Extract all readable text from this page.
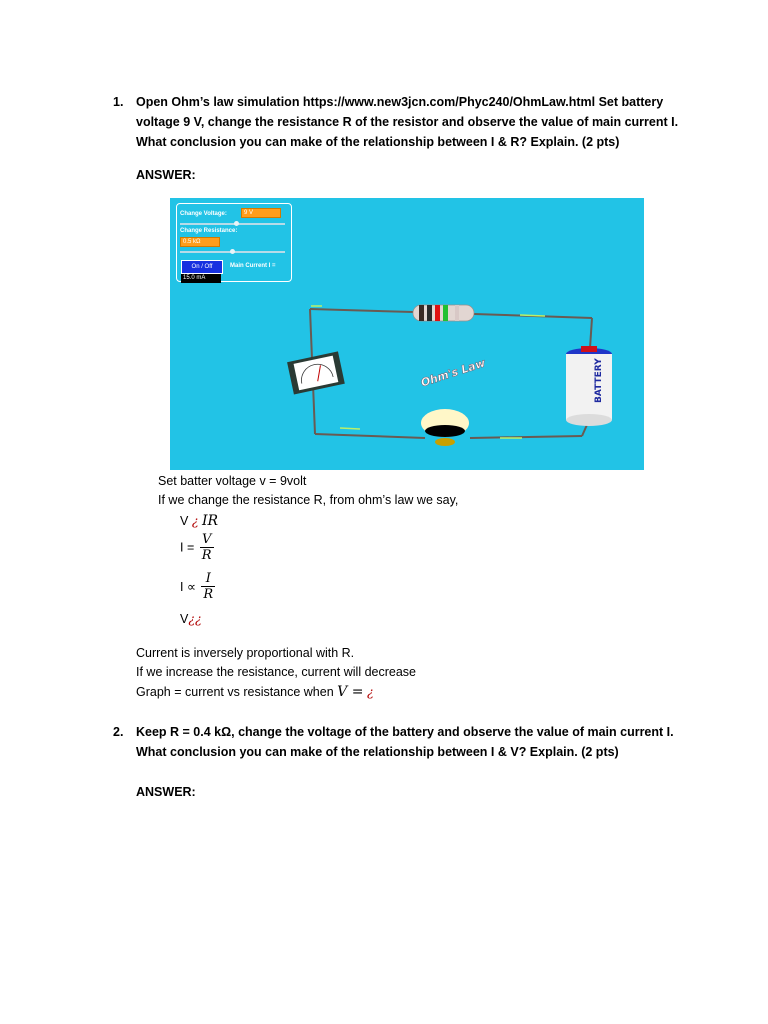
1. Open Ohm’s law simulation https://www.new3jcn.com/Phyc240/OhmLaw.html Set battery
voltage 9 V, change the resistance R of the resistor and observe the value of main current I.
What conclusion you can make of the relationship between I & R? Explain. (2 pts)
ANSWER:
Change Voltage:	9 V
Change Resistance:
0.5 kΩ
On / Off	Main Current I =
15.0 mA
Ohm's Law	BATTERY
Set batter voltage v = 9volt
If we change the resistance R, from ohm’s law we say,
V ¿ IR
$I = \frac{V}{R}$
$I \propto \frac{I}{R}$
V¿¿
Current is inversely proportional with R.
If we increase the resistance, current will decrease
Graph = current vs resistance when V = ¿
2. Keep R = 0.4 kΩ, change the voltage of the battery and observe the value of main current I.
What conclusion you can make of the relationship between I & V? Explain. (2 pts)
ANSWER:
